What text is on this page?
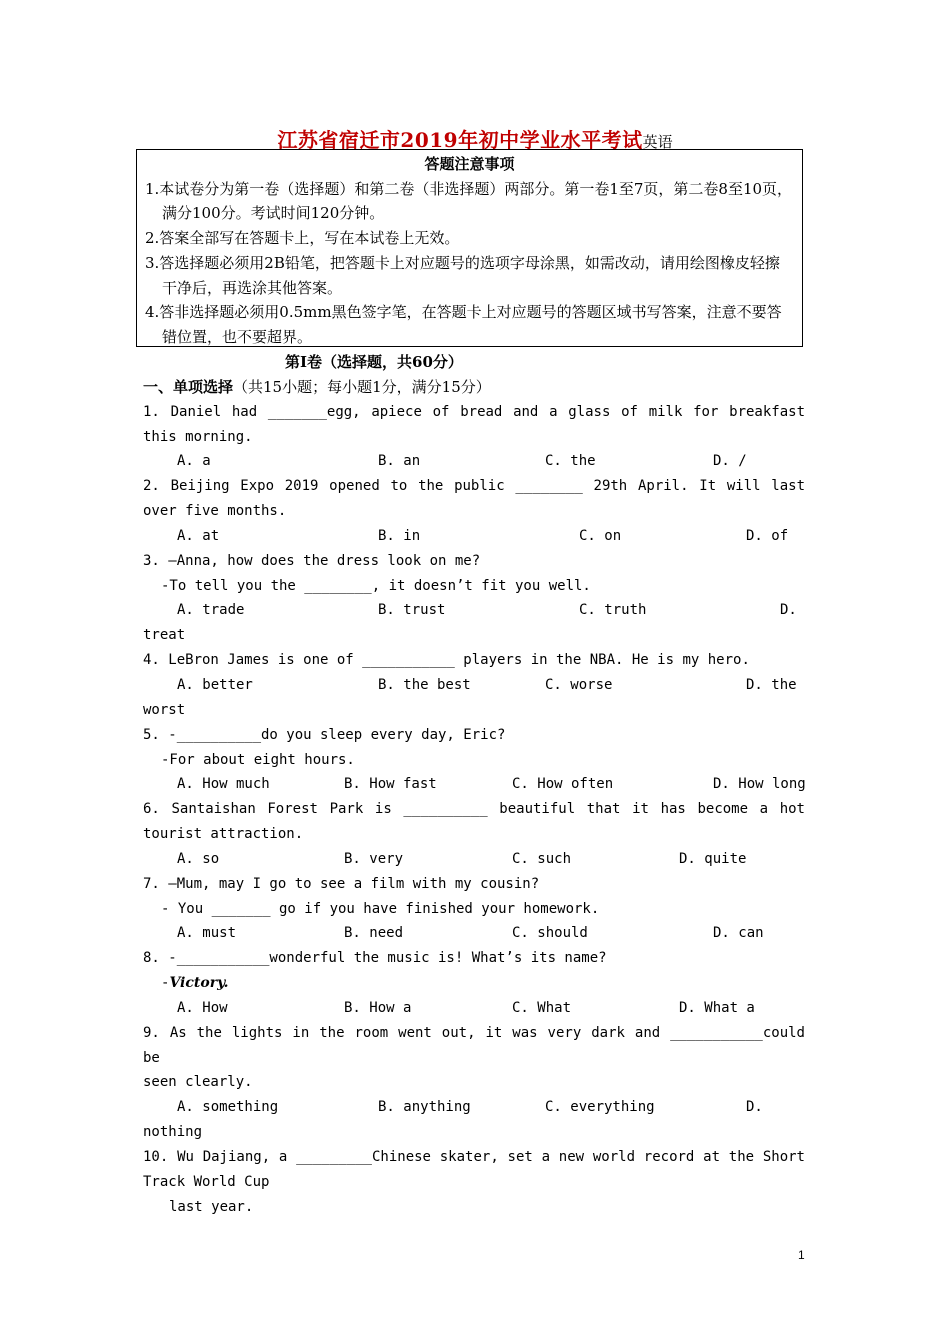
江苏省宿迁市2019年初中学业水平考试英语
答题注意事项
1.本试卷分为第一卷（选择题）和第二卷（非选择题）两部分。第一卷1至7页，第二卷8至10页，满分100分。考试时间120分钟。
2.答案全部写在答题卡上，写在本试卷上无效。
3.答选择题必须用2B铅笔，把答题卡上对应题号的选项字母涂黑，如需改动，请用绘图橡皮轻擦干净后，再选涂其他答案。
4.答非选择题必须用0.5mm黑色签字笔，在答题卡上对应题号的答题区域书写答案，注意不要答错位置，也不要超界。
第Ⅰ卷（选择题，共60分）
一、单项选择（共15小题；每小题1分，满分15分）
1. Daniel had _______egg, apiece of bread and a glass of milk for breakfast
this morning.
A. a	B. an	C. the	D. /
2. Beijing Expo 2019 opened to the public ________ 29th April. It will last
over five months.
A. at	B. in	C. on	D. of
3. –Anna, how does the dress look on me?
-To tell you the ________, it doesn’t fit you well.
A. trade	B. trust	C. truth	D.
treat
4. LeBron James is one of ___________ players in the NBA. He is my hero.
A. better	B. the best	C. worse	D. the
worst
5. -__________do you sleep every day, Eric?
-For about eight hours.
A. How much	B. How fast	C. How often	D. How long
6. Santaishan Forest Park is __________ beautiful that it has become a hot
tourist attraction.
A. so	B. very	C. such	D. quite
7. –Mum, may I go to see a film with my cousin?
- You _______ go if you have finished your homework.
A. must	B. need	C. should	D. can
8. -___________wonderful the music is! What’s its name?
-Victory.
A. How	B. How a	C. What	D. What a
9. As the lights in the room went out, it was very dark and ___________could be
seen clearly.
A. something	B. anything	C. everything	D.
nothing
10. Wu Dajiang, a _________Chinese skater, set a new world record at the Short
Track World Cup
last year.
1
